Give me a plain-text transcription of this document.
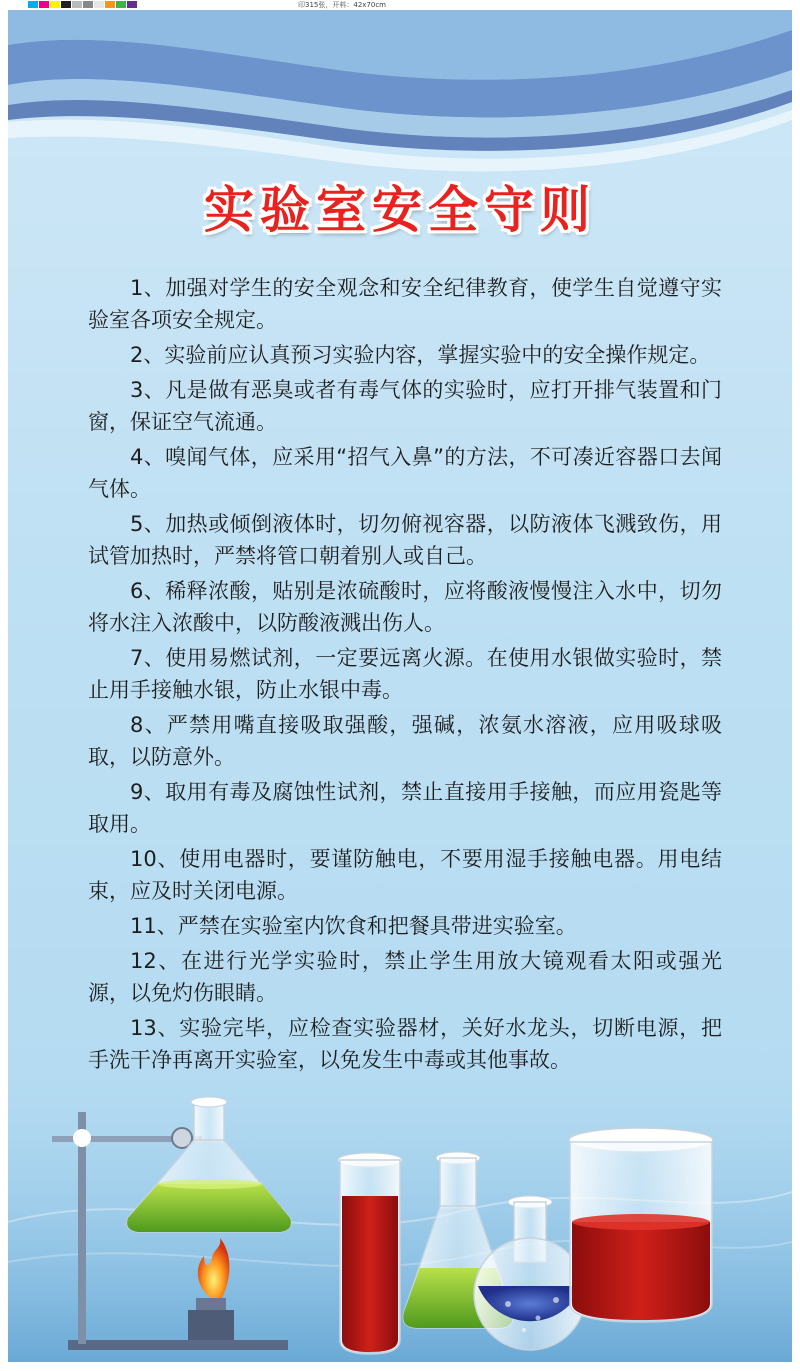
印315张，开料：42x70cm
实验室安全守则

1、加强对学生的安全观念和安全纪律教育，使学生自觉遵守实验室各项安全规定。

2、实验前应认真预习实验内容，掌握实验中的安全操作规定。

3、凡是做有恶臭或者有毒气体的实验时，应打开排气装置和门窗，保证空气流通。

4、嗅闻气体，应采用“招气入鼻”的方法，不可凑近容器口去闻气体。

5、加热或倾倒液体时，切勿俯视容器，以防液体飞溅致伤，用试管加热时，严禁将管口朝着别人或自己。

6、稀释浓酸，贴别是浓硫酸时，应将酸液慢慢注入水中，切勿将水注入浓酸中，以防酸液溅出伤人。

7、使用易燃试剂，一定要远离火源。在使用水银做实验时，禁止用手接触水银，防止水银中毒。

8、严禁用嘴直接吸取强酸，强碱，浓氨水溶液，应用吸球吸取，以防意外。

9、取用有毒及腐蚀性试剂，禁止直接用手接触，而应用瓷匙等取用。

10、使用电器时，要谨防触电，不要用湿手接触电器。用电结束，应及时关闭电源。

11、严禁在实验室内饮食和把餐具带进实验室。

12、在进行光学实验时，禁止学生用放大镜观看太阳或强光源，以免灼伤眼睛。

13、实验完毕，应检查实验器材，关好水龙头，切断电源，把手洗干净再离开实验室，以免发生中毒或其他事故。
